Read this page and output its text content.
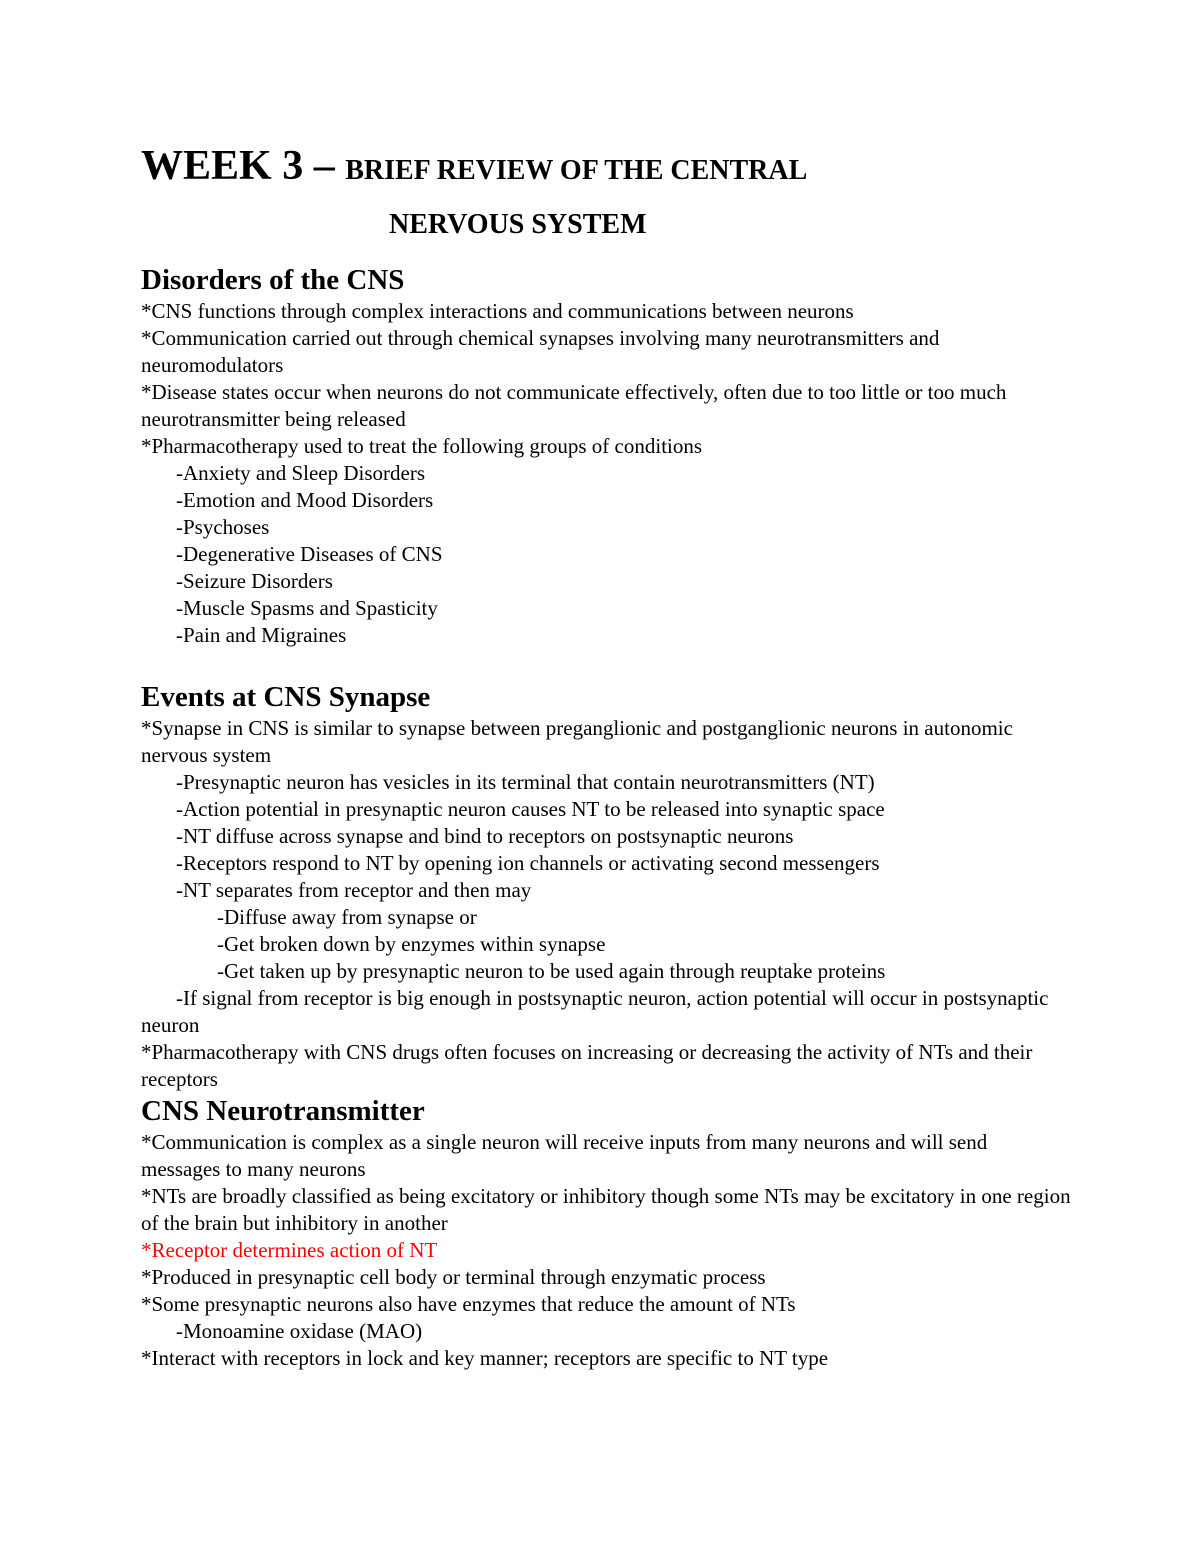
WEEK 3 – BRIEF REVIEW OF THE CENTRAL
NERVOUS SYSTEM
Disorders of the CNS

*CNS functions through complex interactions and communications between neurons

*Communication carried out through chemical synapses involving many neurotransmitters and neuromodulators

*Disease states occur when neurons do not communicate effectively, often due to too little or too much neurotransmitter being released

*Pharmacotherapy used to treat the following groups of conditions

-Anxiety and Sleep Disorders

-Emotion and Mood Disorders

-Psychoses

-Degenerative Diseases of CNS

-Seizure Disorders

-Muscle Spasms and Spasticity

-Pain and Migraines

Events at CNS Synapse

*Synapse in CNS is similar to synapse between preganglionic and postganglionic neurons in autonomic nervous system

-Presynaptic neuron has vesicles in its terminal that contain neurotransmitters (NT)

-Action potential in presynaptic neuron causes NT to be released into synaptic space

-NT diffuse across synapse and bind to receptors on postsynaptic neurons

-Receptors respond to NT by opening ion channels or activating second messengers

-NT separates from receptor and then may

-Diffuse away from synapse or

-Get broken down by enzymes within synapse

-Get taken up by presynaptic neuron to be used again through reuptake proteins

-If signal from receptor is big enough in postsynaptic neuron, action potential will occur in postsynaptic neuron

*Pharmacotherapy with CNS drugs often focuses on increasing or decreasing the activity of NTs and their receptors

CNS Neurotransmitter

*Communication is complex as a single neuron will receive inputs from many neurons and will send messages to many neurons

*NTs are broadly classified as being excitatory or inhibitory though some NTs may be excitatory in one region of the brain but inhibitory in another

*Receptor determines action of NT

*Produced in presynaptic cell body or terminal through enzymatic process

*Some presynaptic neurons also have enzymes that reduce the amount of NTs

-Monoamine oxidase (MAO)

*Interact with receptors in lock and key manner; receptors are specific to NT type
